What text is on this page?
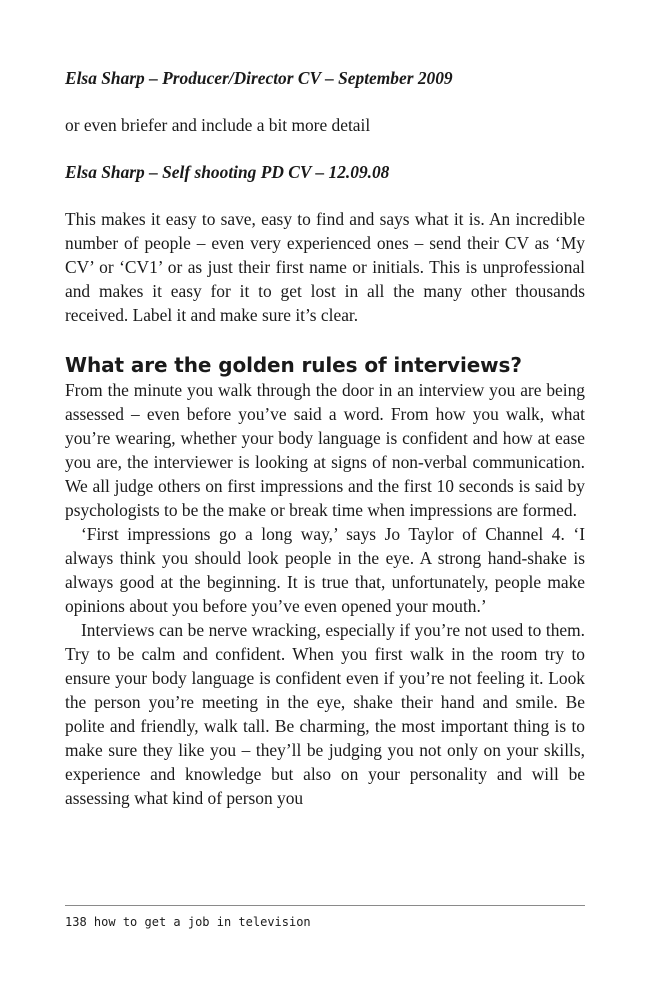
Elsa Sharp – Producer/Director CV – September 2009

or even briefer and include a bit more detail

Elsa Sharp – Self shooting PD CV – 12.09.08

This makes it easy to save, easy to find and says what it is. An incredible number of people – even very experienced ones – send their CV as ‘My CV’ or ‘CV1’ or as just their first name or initials. This is unprofessional and makes it easy for it to get lost in all the many other thousands received. Label it and make sure it’s clear.

What are the golden rules of interviews?

From the minute you walk through the door in an interview you are being assessed – even before you’ve said a word. From how you walk, what you’re wearing, whether your body language is confident and how at ease you are, the interviewer is looking at signs of non-verbal communication. We all judge others on first impressions and the first 10 seconds is said by psychologists to be the make or break time when impressions are formed.

‘First impressions go a long way,’ says Jo Taylor of Channel 4. ‘I always think you should look people in the eye. A strong hand-shake is always good at the beginning. It is true that, unfortunately, people make opinions about you before you’ve even opened your mouth.’

Interviews can be nerve wracking, especially if you’re not used to them. Try to be calm and confident. When you first walk in the room try to ensure your body language is confident even if you’re not feeling it. Look the person you’re meeting in the eye, shake their hand and smile. Be polite and friendly, walk tall. Be charming, the most important thing is to make sure they like you – they’ll be judging you not only on your skills, experience and knowledge but also on your personality and will be assessing what kind of person you

138 how to get a job in television
